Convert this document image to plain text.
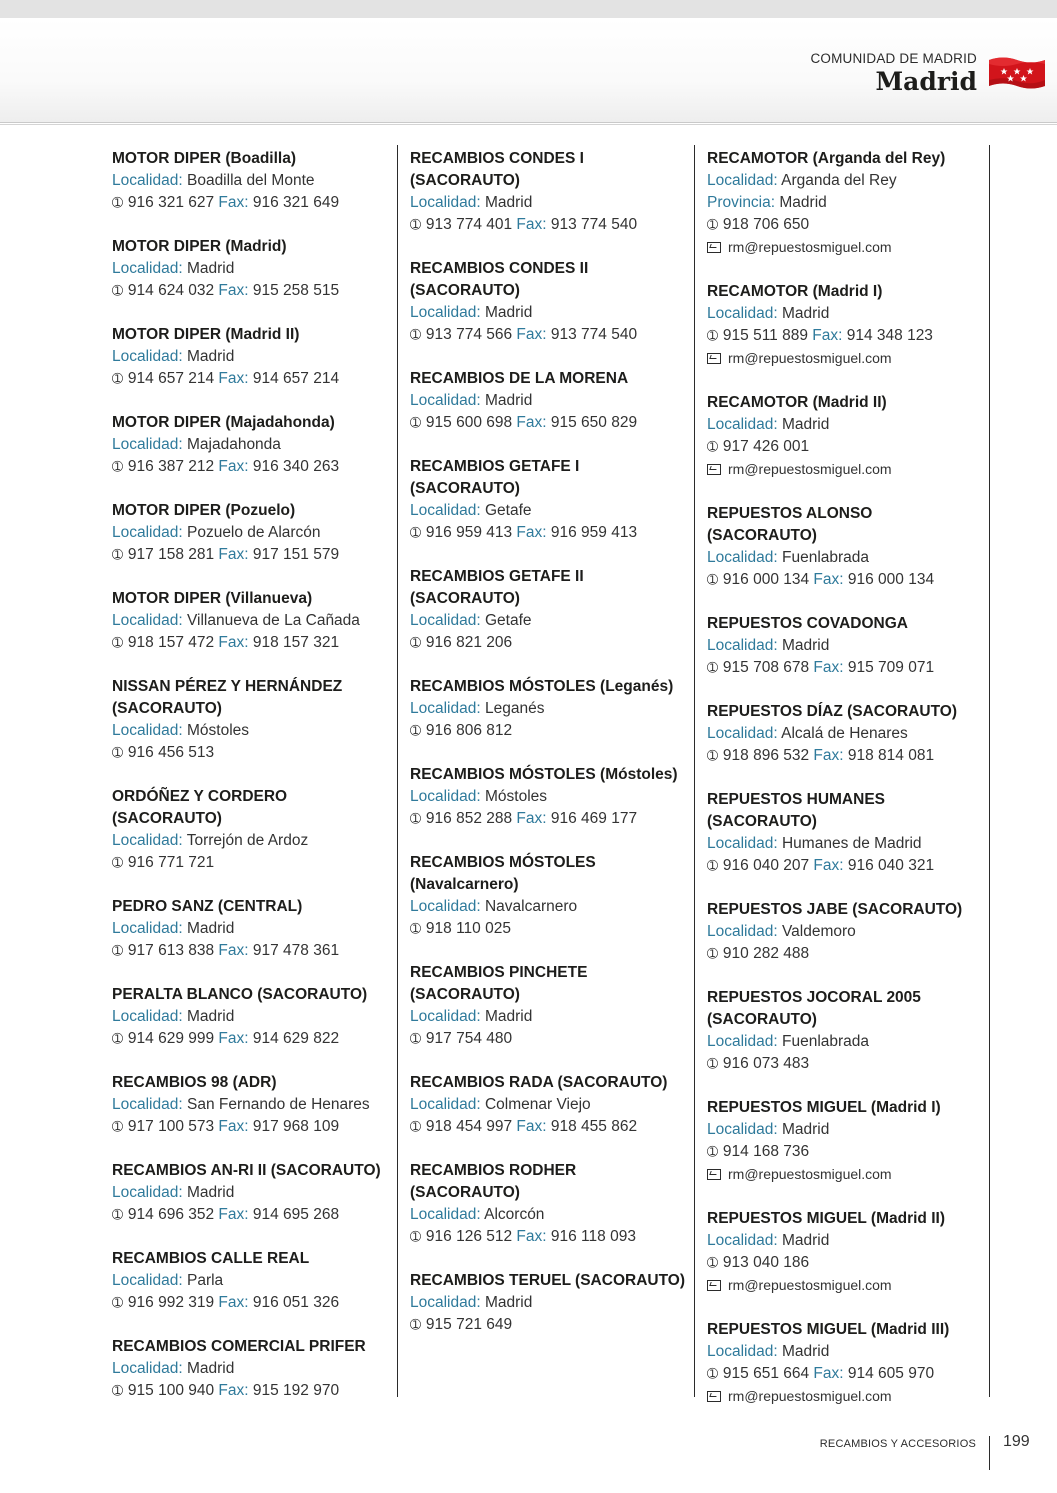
COMUNIDAD DE MADRID
Madrid
MOTOR DIPER (Boadilla)
Localidad: Boadilla del Monte
➀ 916 321 627 Fax: 916 321 649
MOTOR DIPER (Madrid)
Localidad: Madrid
➀ 914 624 032 Fax: 915 258 515
MOTOR DIPER (Madrid II)
Localidad: Madrid
➀ 914 657 214 Fax: 914 657 214
MOTOR DIPER (Majadahonda)
Localidad: Majadahonda
➀ 916 387 212 Fax: 916 340 263
MOTOR DIPER (Pozuelo)
Localidad: Pozuelo de Alarcón
➀ 917 158 281 Fax: 917 151 579
MOTOR DIPER (Villanueva)
Localidad: Villanueva de La Cañada
➀ 918 157 472 Fax: 918 157 321
NISSAN PÉREZ Y HERNÁNDEZ (SACORAUTO)
Localidad: Móstoles
➀ 916 456 513
ORDÓÑEZ Y CORDERO (SACORAUTO)
Localidad: Torrejón de Ardoz
➀ 916 771 721
PEDRO SANZ (CENTRAL)
Localidad: Madrid
➀ 917 613 838 Fax: 917 478 361
PERALTA BLANCO (SACORAUTO)
Localidad: Madrid
➀ 914 629 999 Fax: 914 629 822
RECAMBIOS 98 (ADR)
Localidad: San Fernando de Henares
➀ 917 100 573 Fax: 917 968 109
RECAMBIOS AN-RI II (SACORAUTO)
Localidad: Madrid
➀ 914 696 352 Fax: 914 695 268
RECAMBIOS CALLE REAL
Localidad: Parla
➀ 916 992 319 Fax: 916 051 326
RECAMBIOS COMERCIAL PRIFER
Localidad: Madrid
➀ 915 100 940 Fax: 915 192 970
RECAMBIOS CONDES I (SACORAUTO)
Localidad: Madrid
➀ 913 774 401 Fax: 913 774 540
RECAMBIOS CONDES II (SACORAUTO)
Localidad: Madrid
➀ 913 774 566 Fax: 913 774 540
RECAMBIOS DE LA MORENA
Localidad: Madrid
➀ 915 600 698 Fax: 915 650 829
RECAMBIOS GETAFE I (SACORAUTO)
Localidad: Getafe
➀ 916 959 413 Fax: 916 959 413
RECAMBIOS GETAFE II (SACORAUTO)
Localidad: Getafe
➀ 916 821 206
RECAMBIOS MÓSTOLES (Leganés)
Localidad: Leganés
➀ 916 806 812
RECAMBIOS MÓSTOLES (Móstoles)
Localidad: Móstoles
➀ 916 852 288 Fax: 916 469 177
RECAMBIOS MÓSTOLES (Navalcarnero)
Localidad: Navalcarnero
➀ 918 110 025
RECAMBIOS PINCHETE (SACORAUTO)
Localidad: Madrid
➀ 917 754 480
RECAMBIOS RADA (SACORAUTO)
Localidad: Colmenar Viejo
➀ 918 454 997 Fax: 918 455 862
RECAMBIOS RODHER (SACORAUTO)
Localidad: Alcorcón
➀ 916 126 512 Fax: 916 118 093
RECAMBIOS TERUEL (SACORAUTO)
Localidad: Madrid
➀ 915 721 649
RECAMOTOR (Arganda del Rey)
Localidad: Arganda del Rey
Provincia: Madrid
➀ 918 706 650
rm@repuestosmiguel.com
RECAMOTOR (Madrid I)
Localidad: Madrid
➀ 915 511 889 Fax: 914 348 123
rm@repuestosmiguel.com
RECAMOTOR (Madrid II)
Localidad: Madrid
➀ 917 426 001
rm@repuestosmiguel.com
REPUESTOS ALONSO (SACORAUTO)
Localidad: Fuenlabrada
➀ 916 000 134 Fax: 916 000 134
REPUESTOS COVADONGA
Localidad: Madrid
➀ 915 708 678 Fax: 915 709 071
REPUESTOS DÍAZ (SACORAUTO)
Localidad: Alcalá de Henares
➀ 918 896 532 Fax: 918 814 081
REPUESTOS HUMANES (SACORAUTO)
Localidad: Humanes de Madrid
➀ 916 040 207 Fax: 916 040 321
REPUESTOS JABE (SACORAUTO)
Localidad: Valdemoro
➀ 910 282 488
REPUESTOS JOCORAL 2005 (SACORAUTO)
Localidad: Fuenlabrada
➀ 916 073 483
REPUESTOS MIGUEL (Madrid I)
Localidad: Madrid
➀ 914 168 736
rm@repuestosmiguel.com
REPUESTOS MIGUEL (Madrid II)
Localidad: Madrid
➀ 913 040 186
rm@repuestosmiguel.com
REPUESTOS MIGUEL (Madrid III)
Localidad: Madrid
➀ 915 651 664 Fax: 914 605 970
rm@repuestosmiguel.com
RECAMBIOS Y ACCESORIOS 199
